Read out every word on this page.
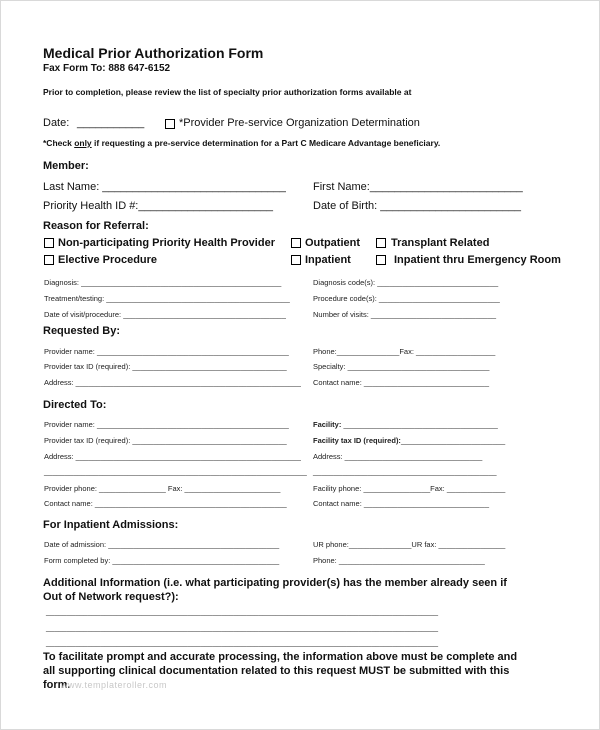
Medical Prior Authorization Form
Fax Form To: 888 647-6152
Prior to completion, please review the list of specialty prior authorization forms available at
Date: ___________	*Provider Pre-service Organization Determination
*Check only if requesting a pre-service determination for a Part C Medicare Advantage beneficiary.
Member:
Last Name: ______________________________ First Name:_________________________
Priority Health ID #:______________________	Date of Birth: _______________________
Reason for Referral:
Non-participating Priority Health Provider	Outpatient	Transplant Related
Elective Procedure	Inpatient	Inpatient thru Emergency Room
Diagnosis: ________________________________________________	Diagnosis code(s): _____________________________
Treatment/testing: ____________________________________________	Procedure code(s): _____________________________
Date of visit/procedure: _______________________________________	Number of visits: ______________________________
Requested By:
Provider name: ______________________________________________	Phone:_______________Fax: ___________________
Provider tax ID (required): _____________________________________	Specialty: __________________________________
Address: ______________________________________________________ Contact name: ______________________________
Directed To:
Provider name: ______________________________________________	Facility: _____________________________________
Provider tax ID (required): _____________________________________	Facility tax ID (required):_________________________
Address: ______________________________________________________ Address: _________________________________
_______________________________________________________________ ____________________________________________
Provider phone: ________________ Fax: _______________________	Facility phone: ________________Fax: ______________
Contact name: ______________________________________________	Contact name: ______________________________
For Inpatient Admissions:
Date of admission: _________________________________________	UR phone:_______________UR fax: ________________
Form completed by: ________________________________________	Phone: ___________________________________
Additional Information (i.e. what participating provider(s) has the member already seen if
Out of Network request?):
______________________________________________________________________________________________
______________________________________________________________________________________________
______________________________________________________________________________________________
To facilitate prompt and accurate processing, the information above must be complete and
all supporting clinical documentation related to this request MUST be submitted with this
form.
www.templateroller.com
